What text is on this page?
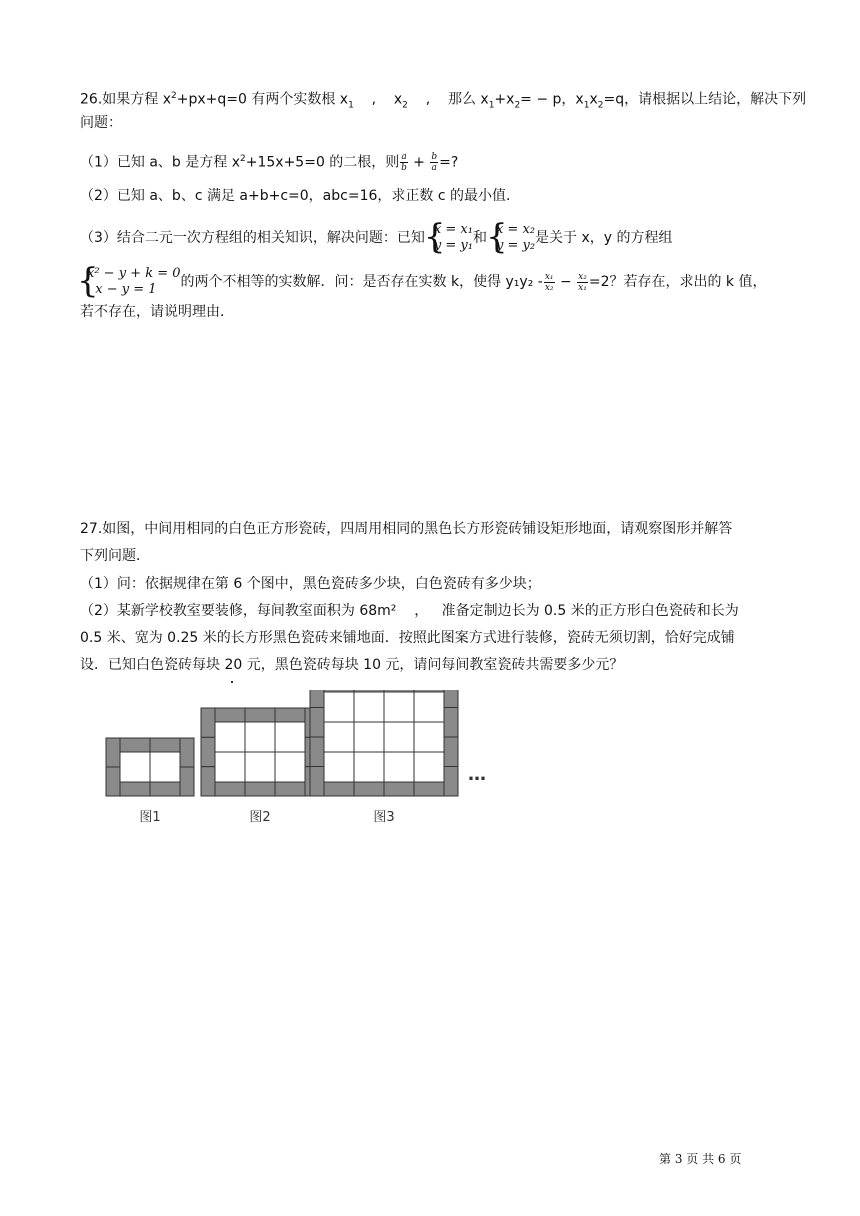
26.如果方程 $x^2+px+q=0$ 有两个实数根 $x_1$    ,    $x_2$    ,    那么 $x_1+x_2= - p$，$x_1x_2=q$，请根据以上结论，解决下列
问题：
（1）已知 a、b 是方程 $x^2+15x+5=0$ 的二根，则 $\frac{a}{b} + \frac{b}{a}$ =?
（2）已知 a、b、c 满足 a+b+c=0，abc=16，求正数 c 的最小值．
（3）结合二元一次方程组的相关知识，解决问题：已知 {
x = x₁
y = y₁ 和 {
x = x₂
y = y₂ 是关于 x，y 的方程组
{
x² − y + k = 0
x − y = 1	的两个不相等的实数解．问：是否存在实数 k，使得 $y_1y_2 - \frac{\text{x₁}}{\text{x₂}} - \frac{\text{x₂}}{\text{x₁}} =2$？若存在，求出的 k 值，
若不存在，请说明理由．
27.如图，中间用相同的白色正方形瓷砖，四周用相同的黑色长方形瓷砖铺设矩形地面，请观察图形并解答
下列问题．
（1）问：依据规律在第 6 个图中，黑色瓷砖多少块，白色瓷砖有多少块；
（2）某新学校教室要装修，每间教室面积为 68m²    ，   准备定制边长为 0.5 米的正方形白色瓷砖和长为
0.5 米、宽为 0.25 米的长方形黑色瓷砖来铺地面．按照此图案方式进行装修，瓷砖无须切割，恰好完成铺
设．已知白色瓷砖每块 20 元，黑色瓷砖每块 10 元，请问每间教室瓷砖共需要多少元？
图1	图2	图3
…
第 3 页 共 6 页
